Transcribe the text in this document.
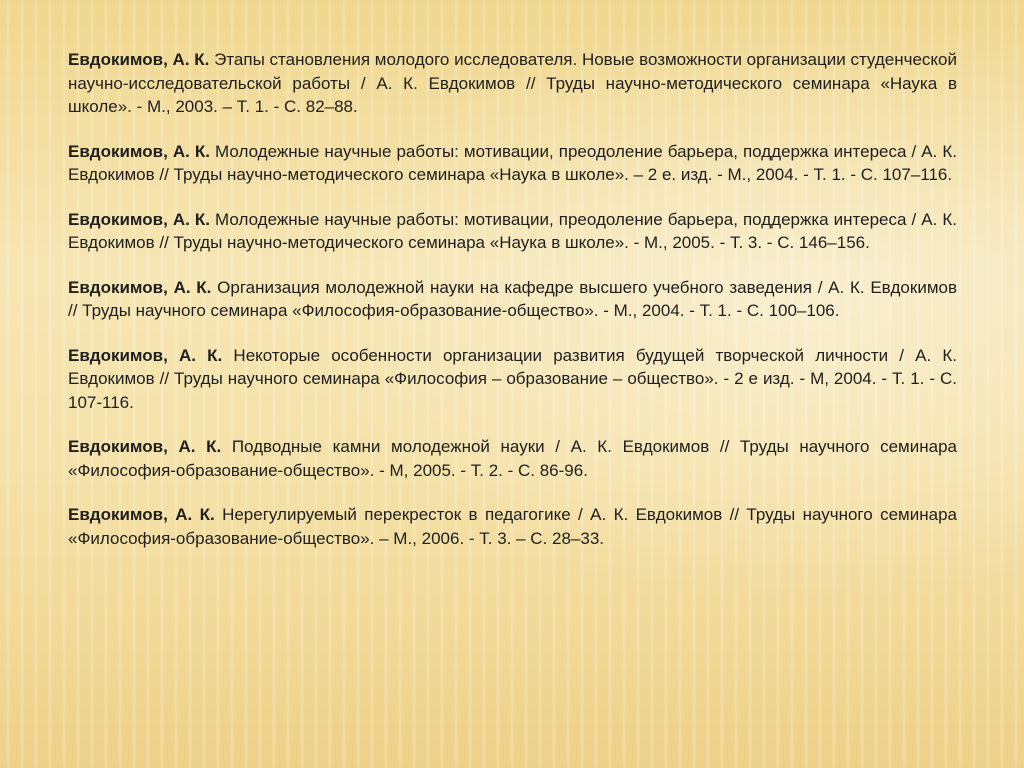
Евдокимов, А. К. Этапы становления молодого исследователя. Новые возможности организации студенческой научно-исследовательской работы / А. К. Евдокимов // Труды научно-методического семинара «Наука в школе». - М., 2003. – Т. 1. - С. 82–88.

Евдокимов, А. К. Молодежные научные работы: мотивации, преодоление барьера, поддержка интереса / А. К. Евдокимов // Труды научно-методического семинара «Наука в школе». – 2 е. изд. - М., 2004. - Т. 1. - С. 107–116.

Евдокимов, А. К. Молодежные научные работы: мотивации, преодоление барьера, поддержка интереса / А. К. Евдокимов // Труды научно-методического семинара «Наука в школе». - М., 2005. - Т. 3. - С. 146–156.

Евдокимов, А. К. Организация молодежной науки на кафедре высшего учебного заведения / А. К. Евдокимов // Труды научного семинара «Философия-образование-общество». - М., 2004. - Т. 1. - С. 100–106.

Евдокимов, А. К. Некоторые особенности организации развития будущей творческой личности / А. К. Евдокимов // Труды научного семинара «Философия – образование – общество». - 2 е изд. - М, 2004. - Т. 1. - С. 107-116.

Евдокимов, А. К. Подводные камни молодежной науки / А. К. Евдокимов // Труды научного семинара «Философия-образование-общество». - М, 2005. - Т. 2. - С. 86-96.

Евдокимов, А. К. Нерегулируемый перекресток в педагогике / А. К. Евдокимов // Труды научного семинара «Философия-образование-общество». – М., 2006. - Т. 3. – С. 28–33.
